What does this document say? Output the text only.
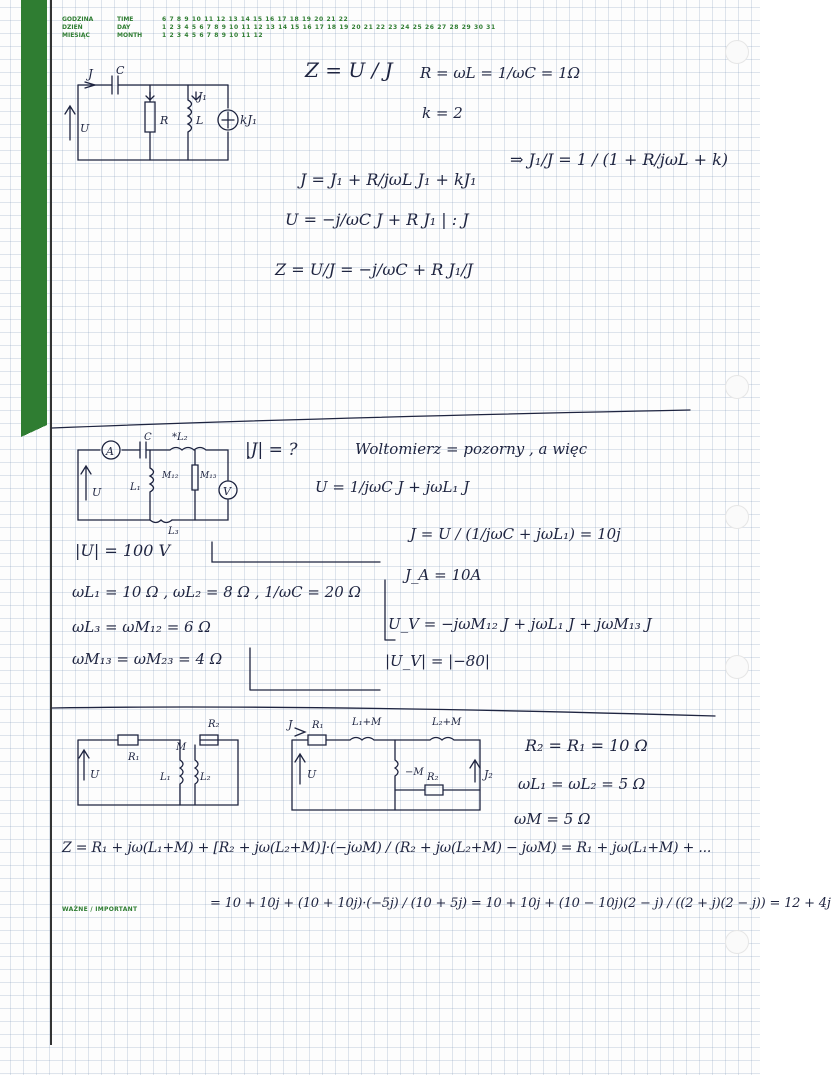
GODZINA	TIME	6 7 8 9 10 11 12 13 14 15 16 17 18 19 20 21 22
DZIEŃ	DAY	1 2 3 4 5 6 7 8 9 10 11 12 13 14 15 16 17 18 19 20 21 22 23 24 25 26 27 28 29 30 31
MIESIĄC	MONTH	1 2 3 4 5 6 7 8 9 10 11 12
J C
R	L
J₁
U
kJ₁
Z = U / J R = ωL = 1/ωC = 1Ω
k = 2
⇒ J₁/J = 1 / (1 + R/jωL + k)
J = J₁ + R/jωL J₁ + kJ₁
U = −j/ωC J + R J₁ | : J
Z = U/J = −j/ωC + R J₁/J
A
V
C *L₂
L₁
M₁₂ M₁₃
L₃
U
|J| = ?	Woltomierz = pozorny , a więc
U = 1/jωC J + jωL₁ J
J = U / (1/jωC + jωL₁) = 10j
J_A = 10A
U_V = −jωM₁₂ J + jωL₁ J + jωM₁₃ J
|U_V| = |−80|
|U| = 100 V
ωL₁ = 10 Ω , ωL₂ = 8 Ω , 1/ωC = 20 Ω
ωL₃ = ωM₁₂ = 6 Ω
ωM₁₃ = ωM₂₃ = 4 Ω
R₁
R₂
L₁	L₂
M
U
J R₁	L₁+M	L₂+M
−M R₂
U	J₂
R₂ = R₁ = 10 Ω
ωL₁ = ωL₂ = 5 Ω
ωM = 5 Ω
Z = R₁ + jω(L₁+M) + [R₂ + jω(L₂+M)]·(−jωM) / (R₂ + jω(L₂+M) − jωM) = R₁ + jω(L₁+M) + ...
= 10 + 10j + (10 + 10j)·(−5j) / (10 + 5j) = 10 + 10j + (10 − 10j)(2 − j) / ((2 + j)(2 − j)) = 12 + 4j
WAŻNE / IMPORTANT
